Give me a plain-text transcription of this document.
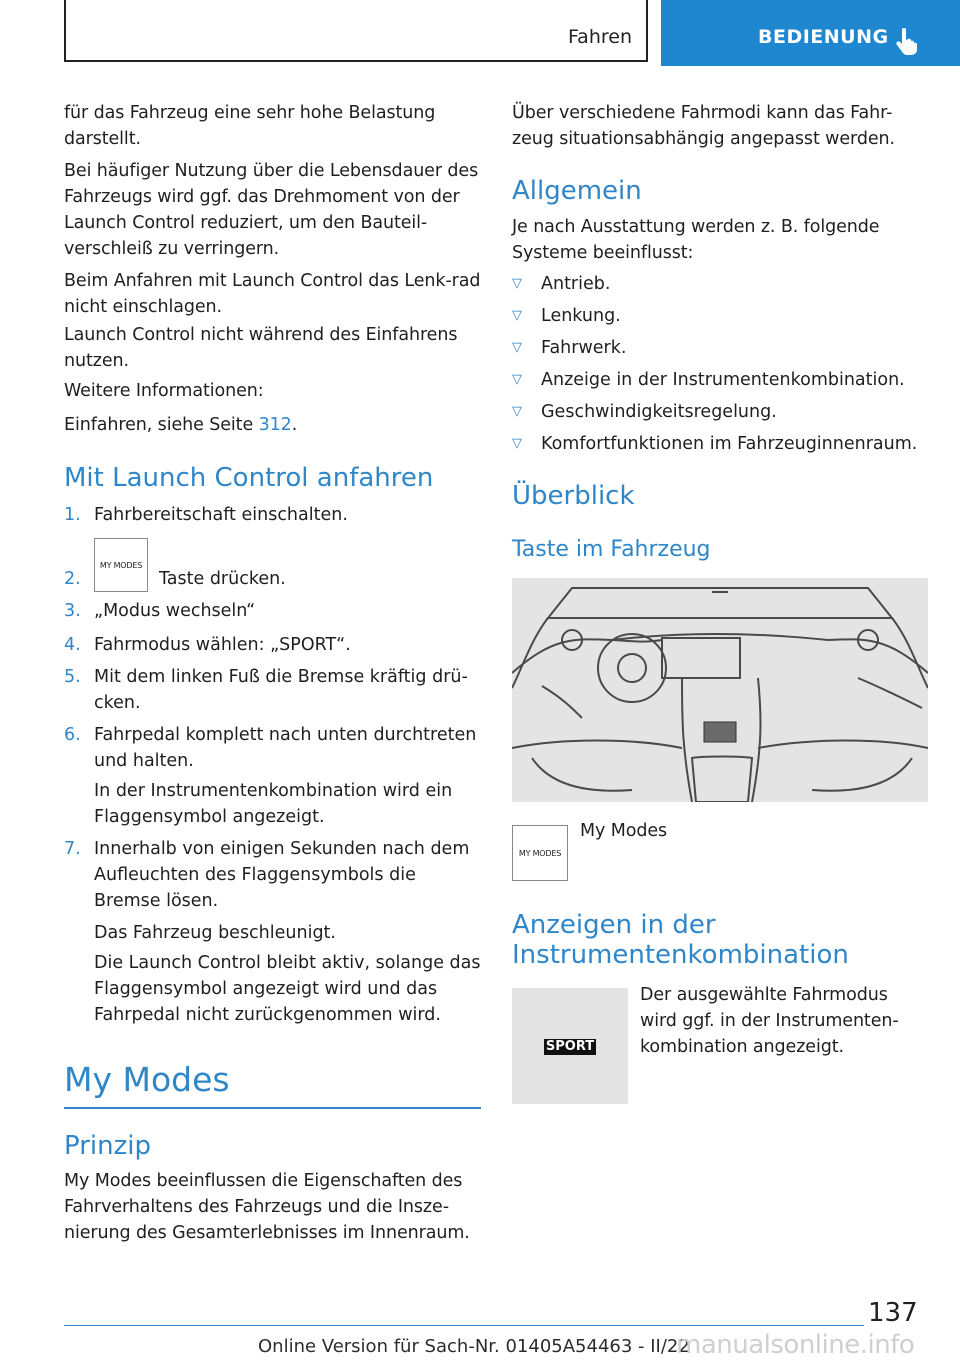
Fahren	BEDIENUNG
für das Fahrzeug eine sehr hohe Belastung darstellt.
Bei häufiger Nutzung über die Lebensdauer des Fahrzeugs wird ggf. das Drehmoment von der Launch Control reduziert, um den Bauteil-verschleiß zu verringern.
Beim Anfahren mit Launch Control das Lenk-rad nicht einschlagen.
Launch Control nicht während des Einfahrens nutzen.
Weitere Informationen:
Einfahren, siehe Seite 312.
Mit Launch Control anfahren
1. Fahrbereitschaft einschalten.
2.
MY MODES
Taste drücken.
3. „Modus wechseln“
4. Fahrmodus wählen: „SPORT“.
5. Mit dem linken Fuß die Bremse kräftig drü-cken.
6. Fahrpedal komplett nach unten durchtreten und halten.
In der Instrumentenkombination wird ein Flaggensymbol angezeigt.
7. Innerhalb von einigen Sekunden nach dem Aufleuchten des Flaggensymbols die Bremse lösen.
Das Fahrzeug beschleunigt.
Die Launch Control bleibt aktiv, solange das Flaggensymbol angezeigt wird und das Fahrpedal nicht zurückgenommen wird.
My Modes
Prinzip
My Modes beeinflussen die Eigenschaften des Fahrverhaltens des Fahrzeugs und die Insze-nierung des Gesamterlebnisses im Innenraum.
Über verschiedene Fahrmodi kann das Fahr-zeug situationsabhängig angepasst werden.
Allgemein
Je nach Ausstattung werden z. B. folgende Systeme beeinflusst:
▽ Antrieb.
▽ Lenkung.
▽ Fahrwerk.
▽ Anzeige in der Instrumentenkombination.
▽ Geschwindigkeitsregelung.
▽ Komfortfunktionen im Fahrzeuginnenraum.
Überblick
Taste im Fahrzeug
MY MODES
My Modes
Anzeigen in der
Instrumentenkombination
SPORT
Der ausgewählte Fahrmodus wird ggf. in der Instrumenten-kombination angezeigt.
137
Online Version für Sach-Nr. 01405A54463 - II/22
manualsonline.info
